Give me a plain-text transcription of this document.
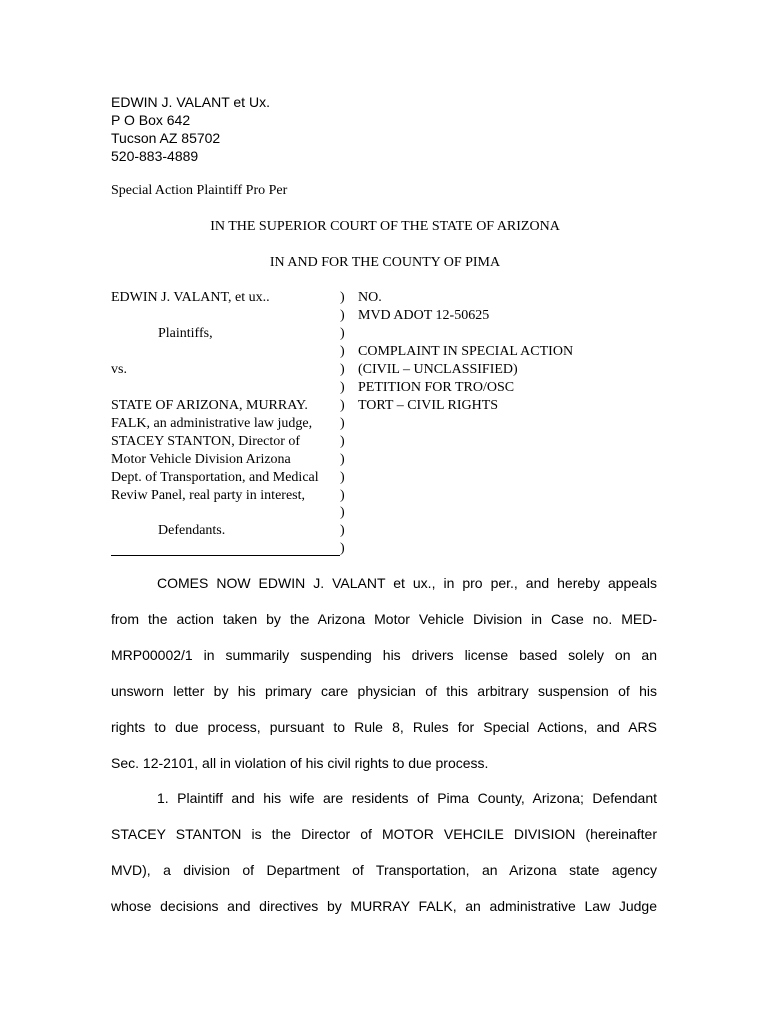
EDWIN J. VALANT et Ux.
P O Box 642
Tucson AZ 85702
520-883-4889
Special Action Plaintiff Pro Per
IN THE SUPERIOR COURT OF THE STATE OF ARIZONA
IN AND FOR THE COUNTY OF PIMA
EDWIN J. VALANT, et ux..
Plaintiffs,
vs.
STATE OF ARIZONA, MURRAY.
FALK, an administrative law judge,
STACEY STANTON, Director of
Motor Vehicle Division Arizona
Dept. of Transportation, and Medical
Reviw Panel, real party in interest,
Defendants.
)
)
)
)
)
)
)
)
)
)
)
)
)
)
)
NO.
MVD ADOT 12-50625
COMPLAINT IN SPECIAL ACTION
(CIVIL – UNCLASSIFIED)
PETITION FOR TRO/OSC
TORT – CIVIL RIGHTS
COMES NOW EDWIN J. VALANT et ux., in pro per., and hereby appeals
from the action taken by the Arizona Motor Vehicle Division in Case no. MED-
MRP00002/1 in summarily suspending his drivers license based solely on an
unsworn letter by his primary care physician of this arbitrary suspension of his
rights to due process, pursuant to Rule 8, Rules for Special Actions, and ARS
Sec. 12-2101, all in violation of his civil rights to due process.
1. Plaintiff and his wife are residents of Pima County, Arizona; Defendant
STACEY STANTON is the Director of MOTOR VEHCILE DIVISION (hereinafter
MVD), a division of Department of Transportation, an Arizona state agency
whose decisions and directives by MURRAY FALK, an administrative Law Judge
